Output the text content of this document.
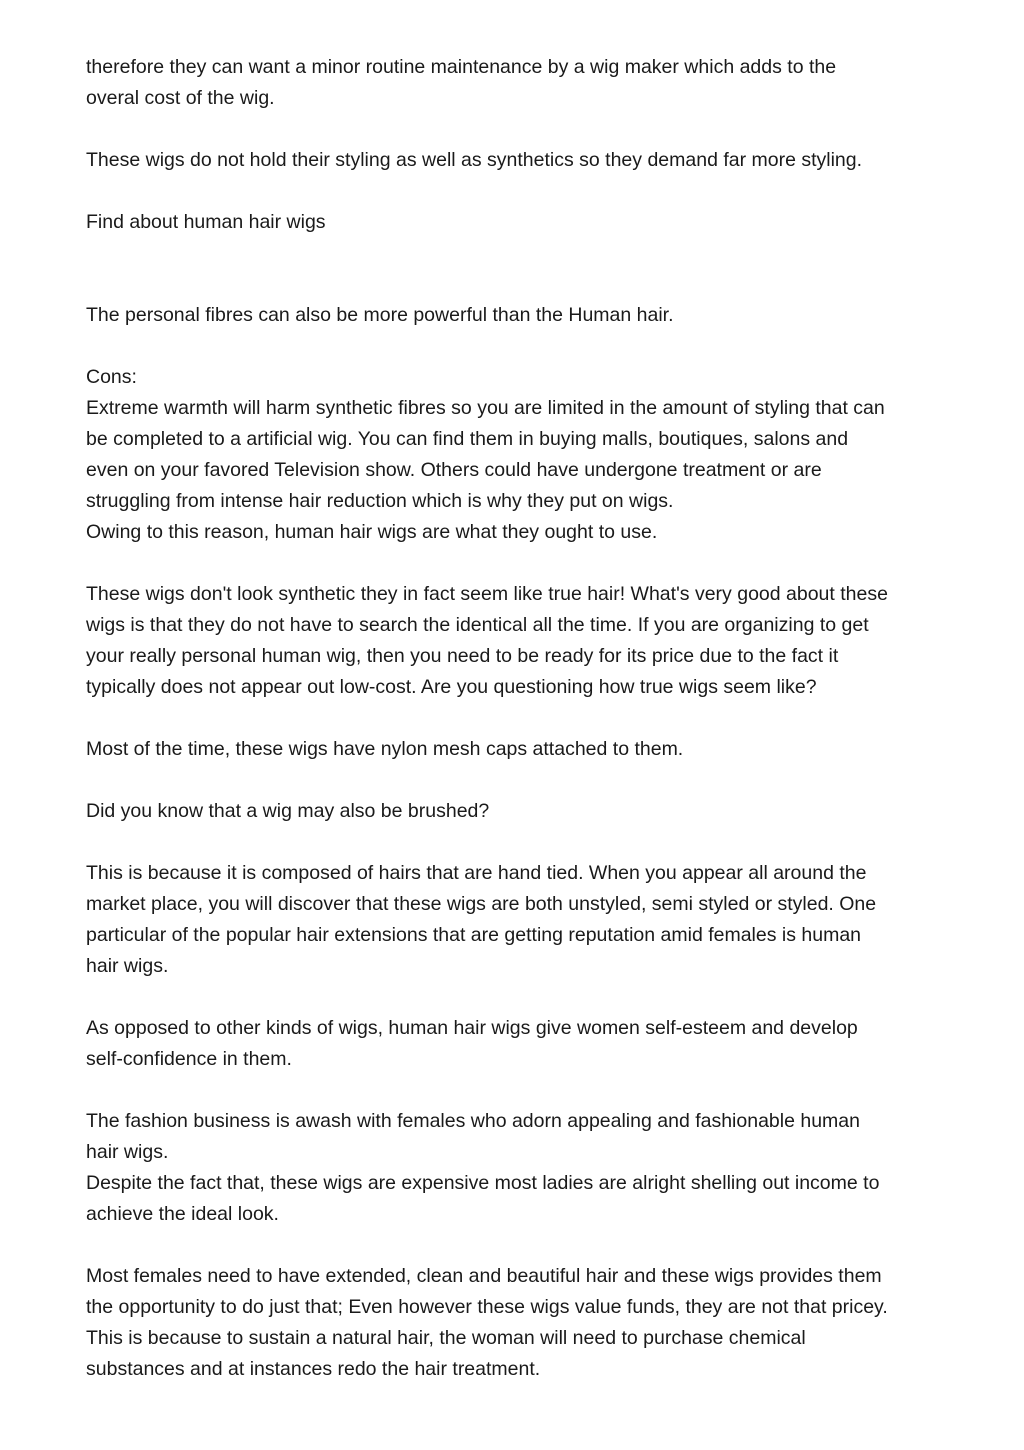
therefore they can want a minor routine maintenance by a wig maker which adds to the
overal cost of the wig.

These wigs do not hold their styling as well as synthetics so they demand far more styling.

Find about human hair wigs

The personal fibres can also be more powerful than the Human hair.

Cons:
Extreme warmth will harm synthetic fibres so you are limited in the amount of styling that can
be completed to a artificial wig. You can find them in buying malls, boutiques, salons and
even on your favored Television show. Others could have undergone treatment or are
struggling from intense hair reduction which is why they put on wigs.
Owing to this reason, human hair wigs are what they ought to use.

These wigs don't look synthetic they in fact seem like true hair! What's very good about these
wigs is that they do not have to search the identical all the time. If you are organizing to get
your really personal human wig, then you need to be ready for its price due to the fact it
typically does not appear out low-cost. Are you questioning how true wigs seem like?

Most of the time, these wigs have nylon mesh caps attached to them.

Did you know that a wig may also be brushed?

This is because it is composed of hairs that are hand tied. When you appear all around the
market place, you will discover that these wigs are both unstyled, semi styled or styled. One
particular of the popular hair extensions that are getting reputation amid females is human
hair wigs.

As opposed to other kinds of wigs, human hair wigs give women self-esteem and develop
self-confidence in them.

The fashion business is awash with females who adorn appealing and fashionable human
hair wigs.
Despite the fact that, these wigs are expensive most ladies are alright shelling out income to
achieve the ideal look.

Most females need to have extended, clean and beautiful hair and these wigs provides them
the opportunity to do just that; Even however these wigs value funds, they are not that pricey.
This is because to sustain a natural hair, the woman will need to purchase chemical
substances and at instances redo the hair treatment.
